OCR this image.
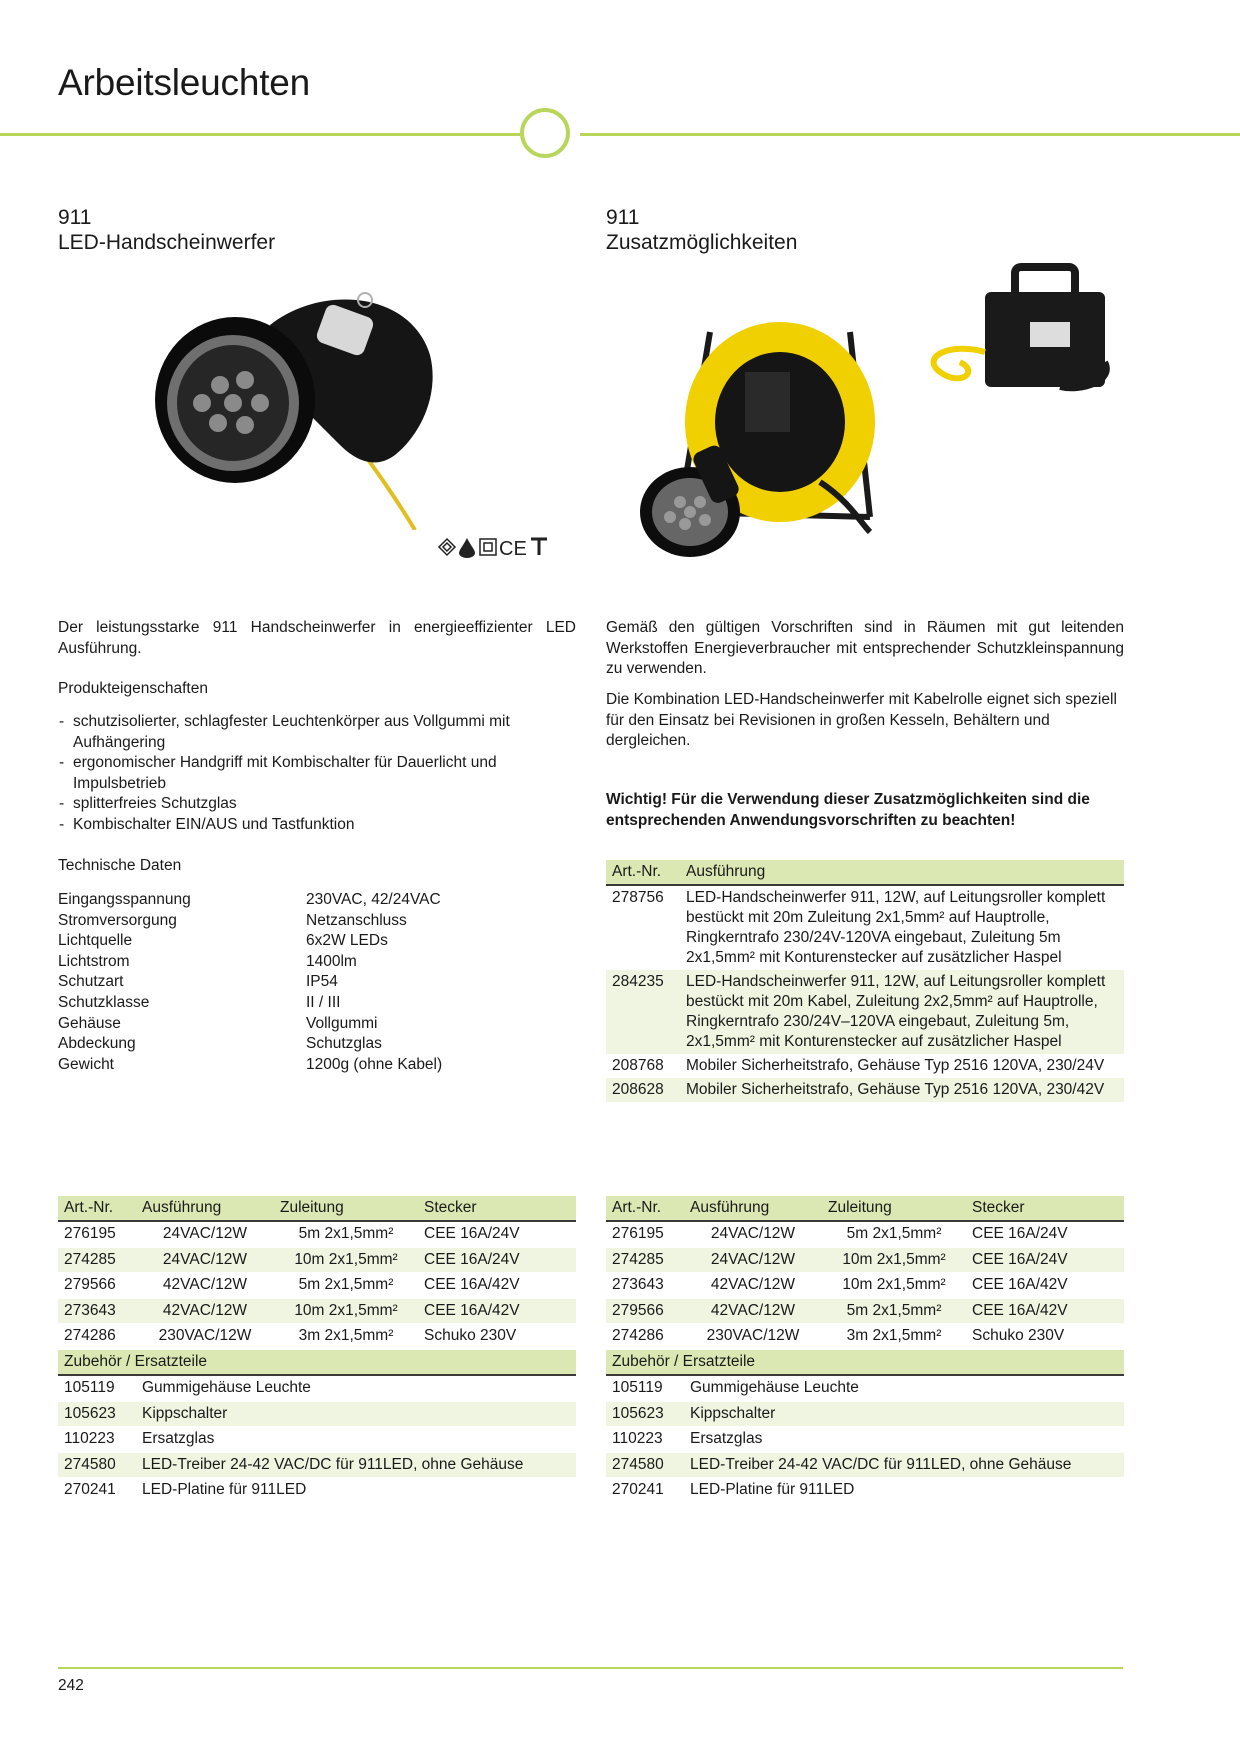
Arbeitsleuchten
911
LED-Handscheinwerfer
CE
Der leistungsstarke 911 Handscheinwerfer in energieeffizienter LED Ausführung.
Produkteigenschaften
- schutzisolierter, schlagfester Leuchtenkörper aus Vollgummi mit Aufhängering
- ergonomischer Handgriff mit Kombischalter für Dauerlicht und Impulsbetrieb
- splitterfreies Schutzglas
- Kombischalter EIN/AUS und Tastfunktion
Technische Daten
Eingangsspannung	230VAC, 42/24VAC
Stromversorgung	Netzanschluss
Lichtquelle	6x2W LEDs
Lichtstrom	1400lm
Schutzart	IP54
Schutzklasse	II / III
Gehäuse	Vollgummi
Abdeckung	Schutzglas
Gewicht	1200g (ohne Kabel)
Art.-Nr.	Ausführung	Zuleitung	Stecker
276195	24VAC/12W	5m 2x1,5mm²	CEE 16A/24V
274285	24VAC/12W	10m 2x1,5mm²	CEE 16A/24V
279566	42VAC/12W	5m 2x1,5mm²	CEE 16A/42V
273643	42VAC/12W	10m 2x1,5mm²	CEE 16A/42V
274286	230VAC/12W	3m 2x1,5mm²	Schuko 230V
Zubehör / Ersatzteile			
105119	Gummigehäuse Leuchte		
105623	Kippschalter		
110223	Ersatzglas		
274580	LED-Treiber 24-42 VAC/DC für 911LED, ohne Gehäuse		
270241	LED-Platine für 911LED		
911
Zusatzmöglichkeiten
Gemäß den gültigen Vorschriften sind in Räumen mit gut leitenden Werkstoffen Energieverbraucher mit entsprechender Schutzkleinspannung zu verwenden.
Die Kombination LED-Handscheinwerfer mit Kabelrolle eignet sich speziell für den Einsatz bei Revisionen in großen Kesseln, Behältern und dergleichen.
Wichtig! Für die Verwendung dieser Zusatzmöglichkeiten sind die entsprechenden Anwendungsvorschriften zu beachten!
Art.-Nr.	Ausführung
278756	LED-Handscheinwerfer 911, 12W, auf Leitungsroller komplett bestückt mit 20m Zuleitung 2x1,5mm² auf Hauptrolle, Ringkerntrafo 230/24V-120VA eingebaut, Zuleitung 5m 2x1,5mm² mit Konturenstecker auf zusätzlicher Haspel
284235	LED-Handscheinwerfer 911, 12W, auf Leitungsroller komplett bestückt mit 20m Kabel, Zuleitung 2x2,5mm² auf Hauptrolle, Ringkerntrafo 230/24V–120VA eingebaut, Zuleitung 5m, 2x1,5mm² mit Konturenstecker auf zusätzlicher Haspel
208768	Mobiler Sicherheitstrafo, Gehäuse Typ 2516 120VA, 230/24V
208628	Mobiler Sicherheitstrafo, Gehäuse Typ 2516 120VA, 230/42V
Art.-Nr.	Ausführung	Zuleitung	Stecker
276195	24VAC/12W	5m 2x1,5mm²	CEE 16A/24V
274285	24VAC/12W	10m 2x1,5mm²	CEE 16A/24V
273643	42VAC/12W	10m 2x1,5mm²	CEE 16A/42V
279566	42VAC/12W	5m 2x1,5mm²	CEE 16A/42V
274286	230VAC/12W	3m 2x1,5mm²	Schuko 230V
Zubehör / Ersatzteile			
105119	Gummigehäuse Leuchte		
105623	Kippschalter		
110223	Ersatzglas		
274580	LED-Treiber 24-42 VAC/DC für 911LED, ohne Gehäuse		
270241	LED-Platine für 911LED		
242
